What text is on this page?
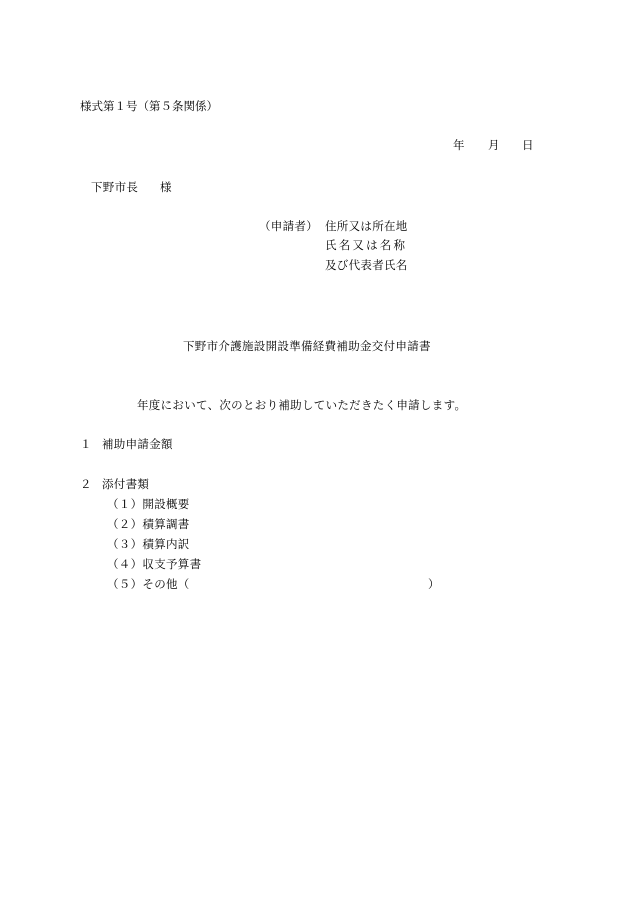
様式第１号（第５条関係）
年 月 日
下野市長 様
（申請者） 住所又は所在地
氏名又は名称
及び代表者氏名
下野市介護施設開設準備経費補助金交付申請書
年度において、次のとおり補助していただきたく申請します。
１ 補助申請金額
２ 添付書類
（１）開設概要
（２）積算調書
（３）積算内訳
（４）収支予算書
（５）その他（	）
